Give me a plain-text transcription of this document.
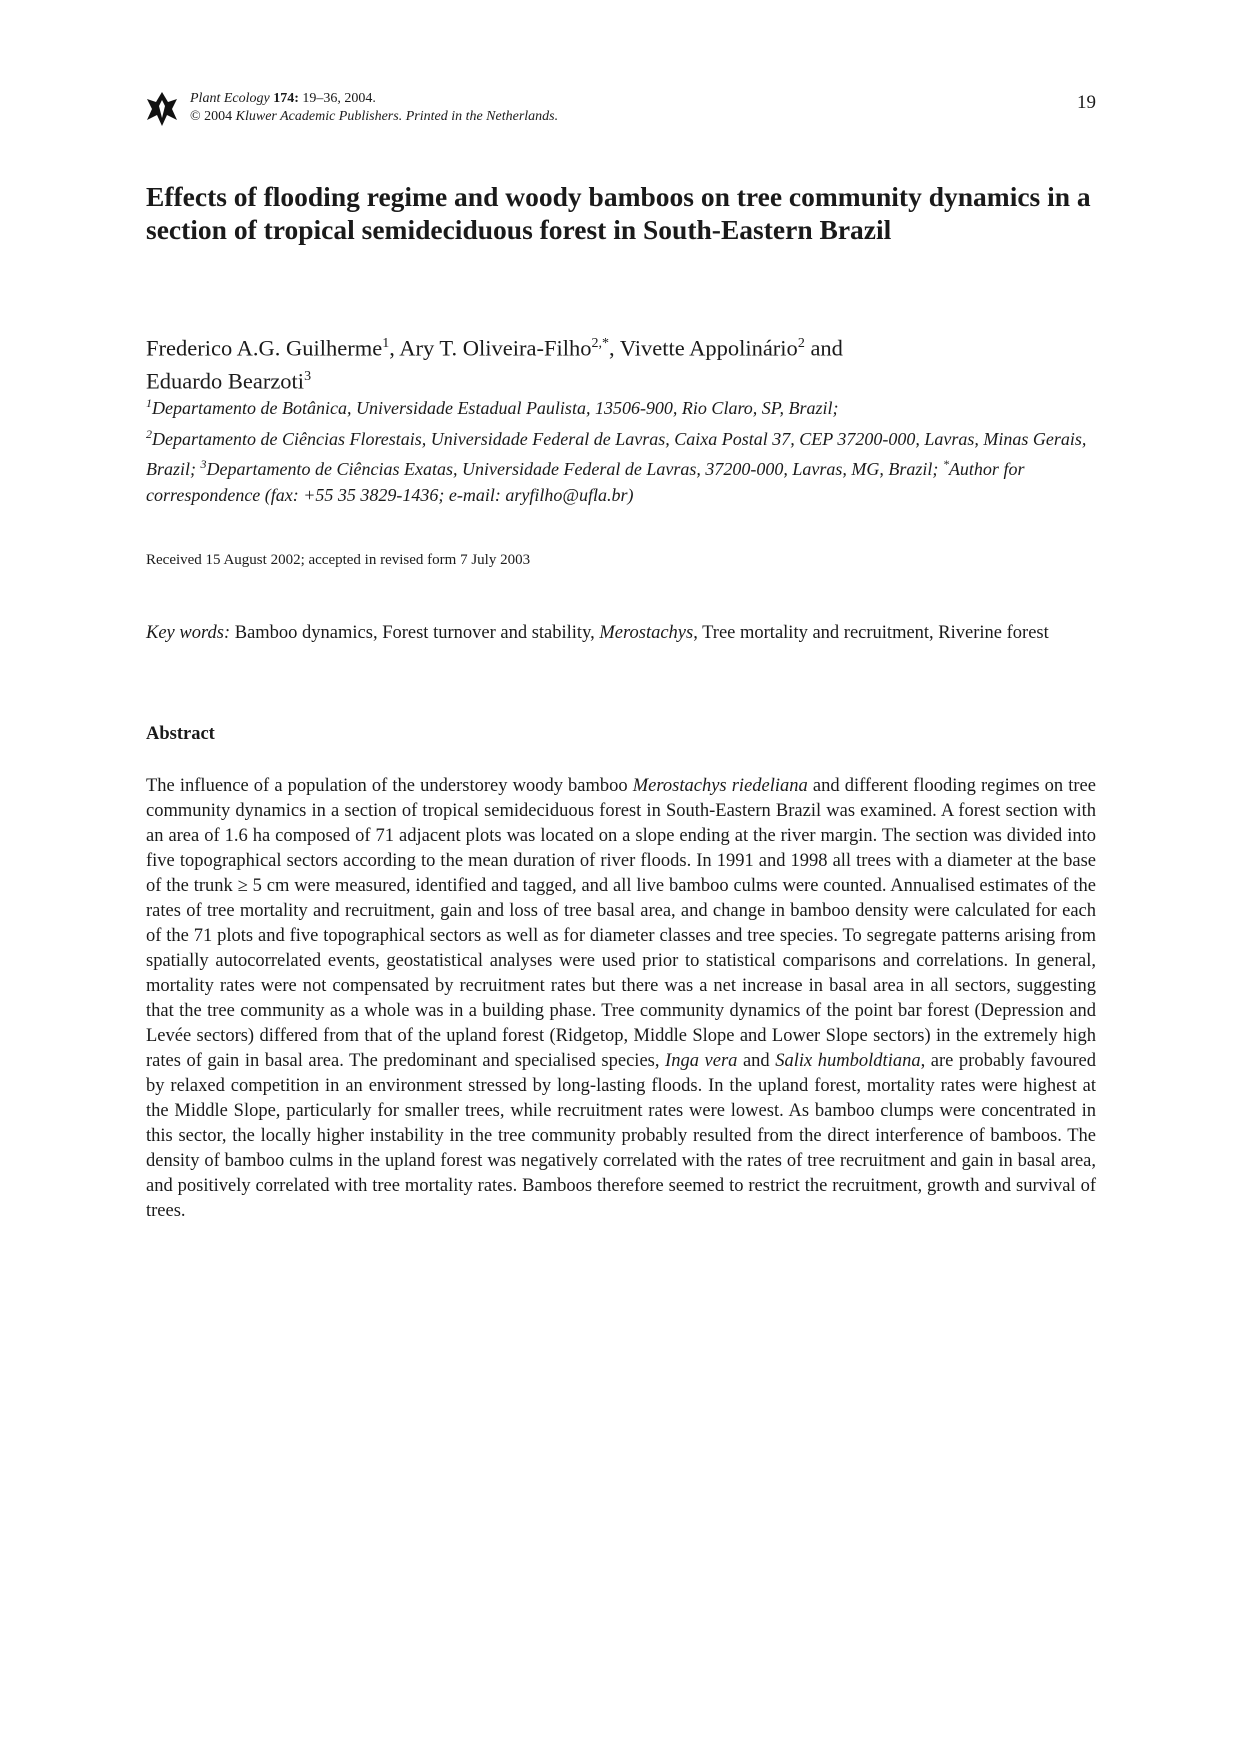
Plant Ecology 174: 19–36, 2004.
© 2004 Kluwer Academic Publishers. Printed in the Netherlands.
19
Effects of flooding regime and woody bamboos on tree community dynamics in a section of tropical semideciduous forest in South-Eastern Brazil
Frederico A.G. Guilherme$^1$, Ary T. Oliveira-Filho$^{2,*}$, Vivette Appolinário$^2$ and
Eduardo Bearzoti$^3$
$^1$Departamento de Botânica, Universidade Estadual Paulista, 13506-900, Rio Claro, SP, Brazil;
$^2$Departamento de Ciências Florestais, Universidade Federal de Lavras, Caixa Postal 37, CEP 37200-000, Lavras, Minas Gerais, Brazil; $^3$Departamento de Ciências Exatas, Universidade Federal de Lavras, 37200-000, Lavras, MG, Brazil; *Author for correspondence (fax: +55 35 3829-1436; e-mail: aryfilho@ufla.br)
Received 15 August 2002; accepted in revised form 7 July 2003
Key words: Bamboo dynamics, Forest turnover and stability, Merostachys, Tree mortality and recruitment, Riverine forest
Abstract
The influence of a population of the understorey woody bamboo Merostachys riedeliana and different flooding regimes on tree community dynamics in a section of tropical semideciduous forest in South-Eastern Brazil was examined. A forest section with an area of 1.6 ha composed of 71 adjacent plots was located on a slope ending at the river margin. The section was divided into five topographical sectors according to the mean duration of river floods. In 1991 and 1998 all trees with a diameter at the base of the trunk ≥ 5 cm were measured, identified and tagged, and all live bamboo culms were counted. Annualised estimates of the rates of tree mortality and recruitment, gain and loss of tree basal area, and change in bamboo density were calculated for each of the 71 plots and five topographical sectors as well as for diameter classes and tree species. To segregate patterns arising from spatially autocorrelated events, geostatistical analyses were used prior to statistical comparisons and correlations. In general, mortality rates were not compensated by recruitment rates but there was a net increase in basal area in all sectors, suggesting that the tree community as a whole was in a building phase. Tree community dynamics of the point bar forest (Depression and Levée sectors) differed from that of the upland forest (Ridgetop, Middle Slope and Lower Slope sectors) in the extremely high rates of gain in basal area. The predominant and specialised species, Inga vera and Salix humboldtiana, are probably favoured by relaxed competition in an environment stressed by long-lasting floods. In the upland forest, mortality rates were highest at the Middle Slope, particularly for smaller trees, while recruitment rates were lowest. As bamboo clumps were concentrated in this sector, the locally higher instability in the tree community probably resulted from the direct interference of bamboos. The density of bamboo culms in the upland forest was negatively correlated with the rates of tree recruitment and gain in basal area, and positively correlated with tree mortality rates. Bamboos therefore seemed to restrict the recruitment, growth and survival of trees.
